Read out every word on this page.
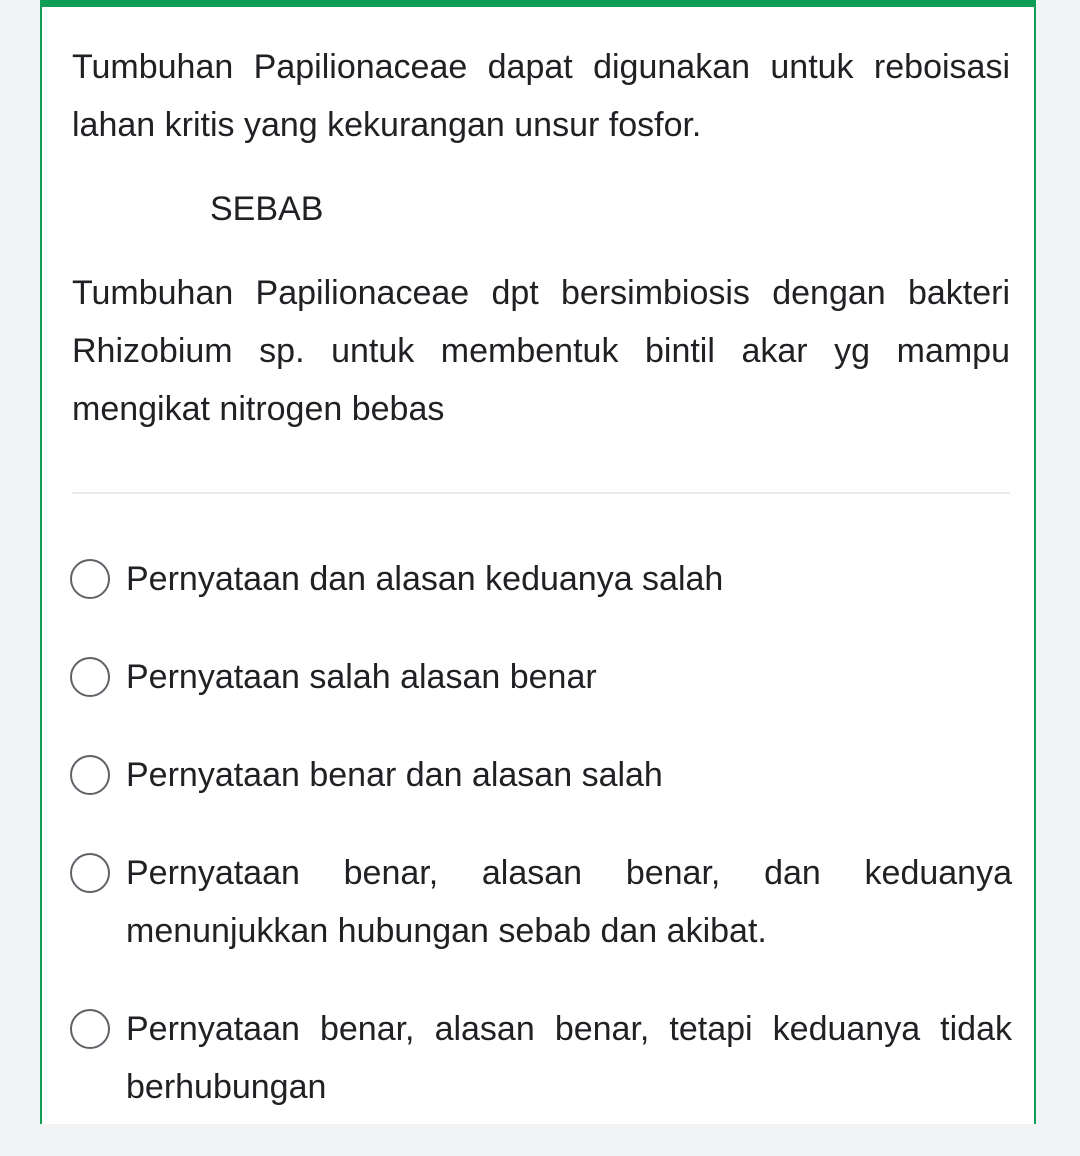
Tumbuhan Papilionaceae dapat digunakan untuk reboisasi lahan kritis yang kekurangan unsur fosfor.

SEBAB

Tumbuhan Papilionaceae dpt bersimbiosis dengan bakteri Rhizobium sp. untuk membentuk bintil akar yg mampu mengikat nitrogen bebas

Pernyataan dan alasan keduanya salah
Pernyataan salah alasan benar
Pernyataan benar dan alasan salah
Pernyataan benar, alasan benar, dan keduanya menunjukkan hubungan sebab dan akibat.
Pernyataan benar, alasan benar, tetapi keduanya tidak berhubungan
